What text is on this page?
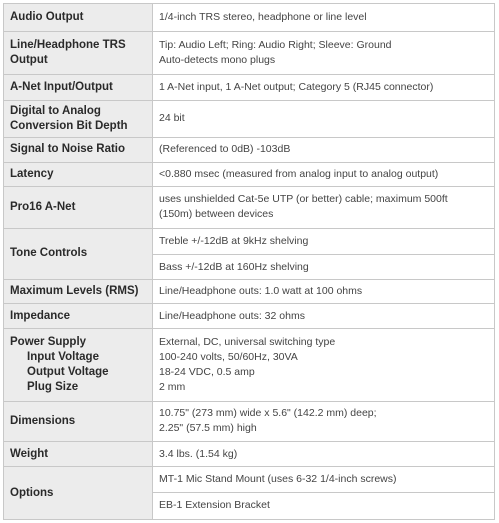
Audio Output	1/4-inch TRS stereo, headphone or line level

Line/Headphone TRS
Output	Tip: Audio Left; Ring: Audio Right; Sleeve: Ground
Auto-detects mono plugs

A-Net Input/Output	1 A-Net input, 1 A-Net output; Category 5 (RJ45 connector)

Digital to Analog
Conversion Bit Depth	24 bit

Signal to Noise Ratio	(Referenced to 0dB) -103dB

Latency	<0.880 msec (measured from analog input to analog output)

Pro16 A-Net	uses unshielded Cat-5e UTP (or better) cable; maximum 500ft
(150m) between devices

Tone Controls	Treble +/-12dB at 9kHz shelving

	Bass +/-12dB at 160Hz shelving

Maximum Levels (RMS)	Line/Headphone outs: 1.0 watt at 100 ohms

Impedance	Line/Headphone outs: 32 ohms

Power Supply
Input Voltage
Output Voltage
Plug Size	External, DC, universal switching type
100-240 volts, 50/60Hz, 30VA
18-24 VDC, 0.5 amp
2 mm

Dimensions	10.75" (273 mm) wide x 5.6" (142.2 mm) deep;
2.25" (57.5 mm) high

Weight	3.4 lbs. (1.54 kg)

Options	MT-1 Mic Stand Mount (uses 6-32 1/4-inch screws)

	EB-1 Extension Bracket
